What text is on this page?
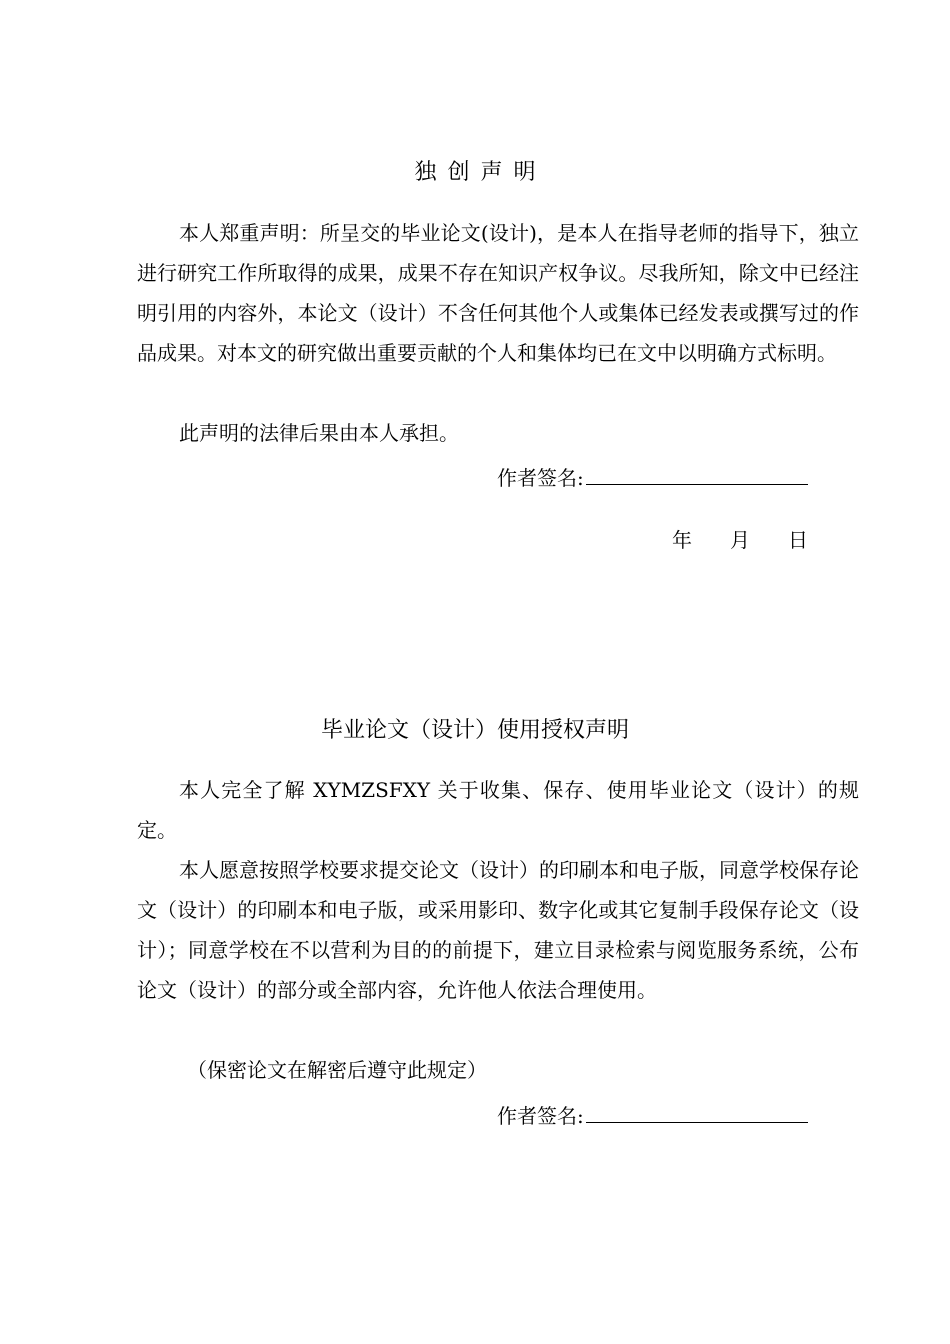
独创声明

本人郑重声明：所呈交的毕业论文(设计)，是本人在指导老师的指导下，独立进行研究工作所取得的成果，成果不存在知识产权争议。尽我所知，除文中已经注明引用的内容外，本论文（设计）不含任何其他个人或集体已经发表或撰写过的作品成果。对本文的研究做出重要贡献的个人和集体均已在文中以明确方式标明。

此声明的法律后果由本人承担。

作者签名:
年 月 日
毕业论文（设计）使用授权声明

本人完全了解 XYMZSFXY 关于收集、保存、使用毕业论文（设计）的规定。

本人愿意按照学校要求提交论文（设计）的印刷本和电子版，同意学校保存论文（设计）的印刷本和电子版，或采用影印、数字化或其它复制手段保存论文（设计）；同意学校在不以营利为目的的前提下，建立目录检索与阅览服务系统，公布论文（设计）的部分或全部内容，允许他人依法合理使用。

（保密论文在解密后遵守此规定）

作者签名:
